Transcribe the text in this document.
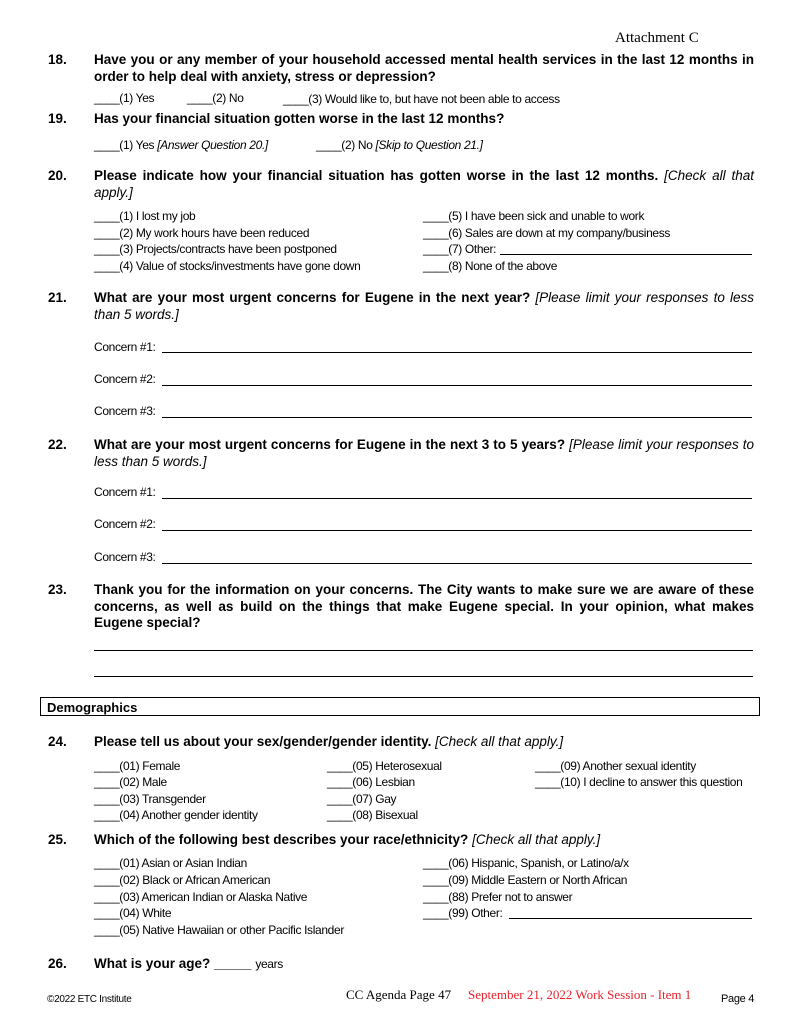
Attachment C
18. Have you or any member of your household accessed mental health services in the last 12 months in order to help deal with anxiety, stress or depression?
____(1) Yes	____(2) No	____(3) Would like to, but have not been able to access
19. Has your financial situation gotten worse in the last 12 months?
____(1) Yes [Answer Question 20.]	____(2) No [Skip to Question 21.]
20. Please indicate how your financial situation has gotten worse in the last 12 months. [Check all that apply.]
____(1) I lost my job
____(2) My work hours have been reduced
____(3) Projects/contracts have been postponed
____(4) Value of stocks/investments have gone down
____(5) I have been sick and unable to work
____(6) Sales are down at my company/business
____(7) Other:
____(8) None of the above
21. What are your most urgent concerns for Eugene in the next year? [Please limit your responses to less than 5 words.]
Concern #1:
Concern #2:
Concern #3:
22. What are your most urgent concerns for Eugene in the next 3 to 5 years? [Please limit your responses to less than 5 words.]
Concern #1:
Concern #2:
Concern #3:
23. Thank you for the information on your concerns. The City wants to make sure we are aware of these concerns, as well as build on the things that make Eugene special. In your opinion, what makes Eugene special?
Demographics
24. Please tell us about your sex/gender/gender identity. [Check all that apply.]
____(01) Female
____(02) Male
____(03) Transgender
____(04) Another gender identity
____(05) Heterosexual
____(06) Lesbian
____(07) Gay
____(08) Bisexual
____(09) Another sexual identity
____(10) I decline to answer this question
25. Which of the following best describes your race/ethnicity? [Check all that apply.]
____(01) Asian or Asian Indian
____(02) Black or African American
____(03) American Indian or Alaska Native
____(04) White
____(05) Native Hawaiian or other Pacific Islander
____(06) Hispanic, Spanish, or Latino/a/x
____(09) Middle Eastern or North African
____(88) Prefer not to answer
____(99) Other:
26. What is your age? _____ years
©2022 ETC Institute	CC Agenda Page 47 September 21, 2022 Work Session - Item 1	Page 4
